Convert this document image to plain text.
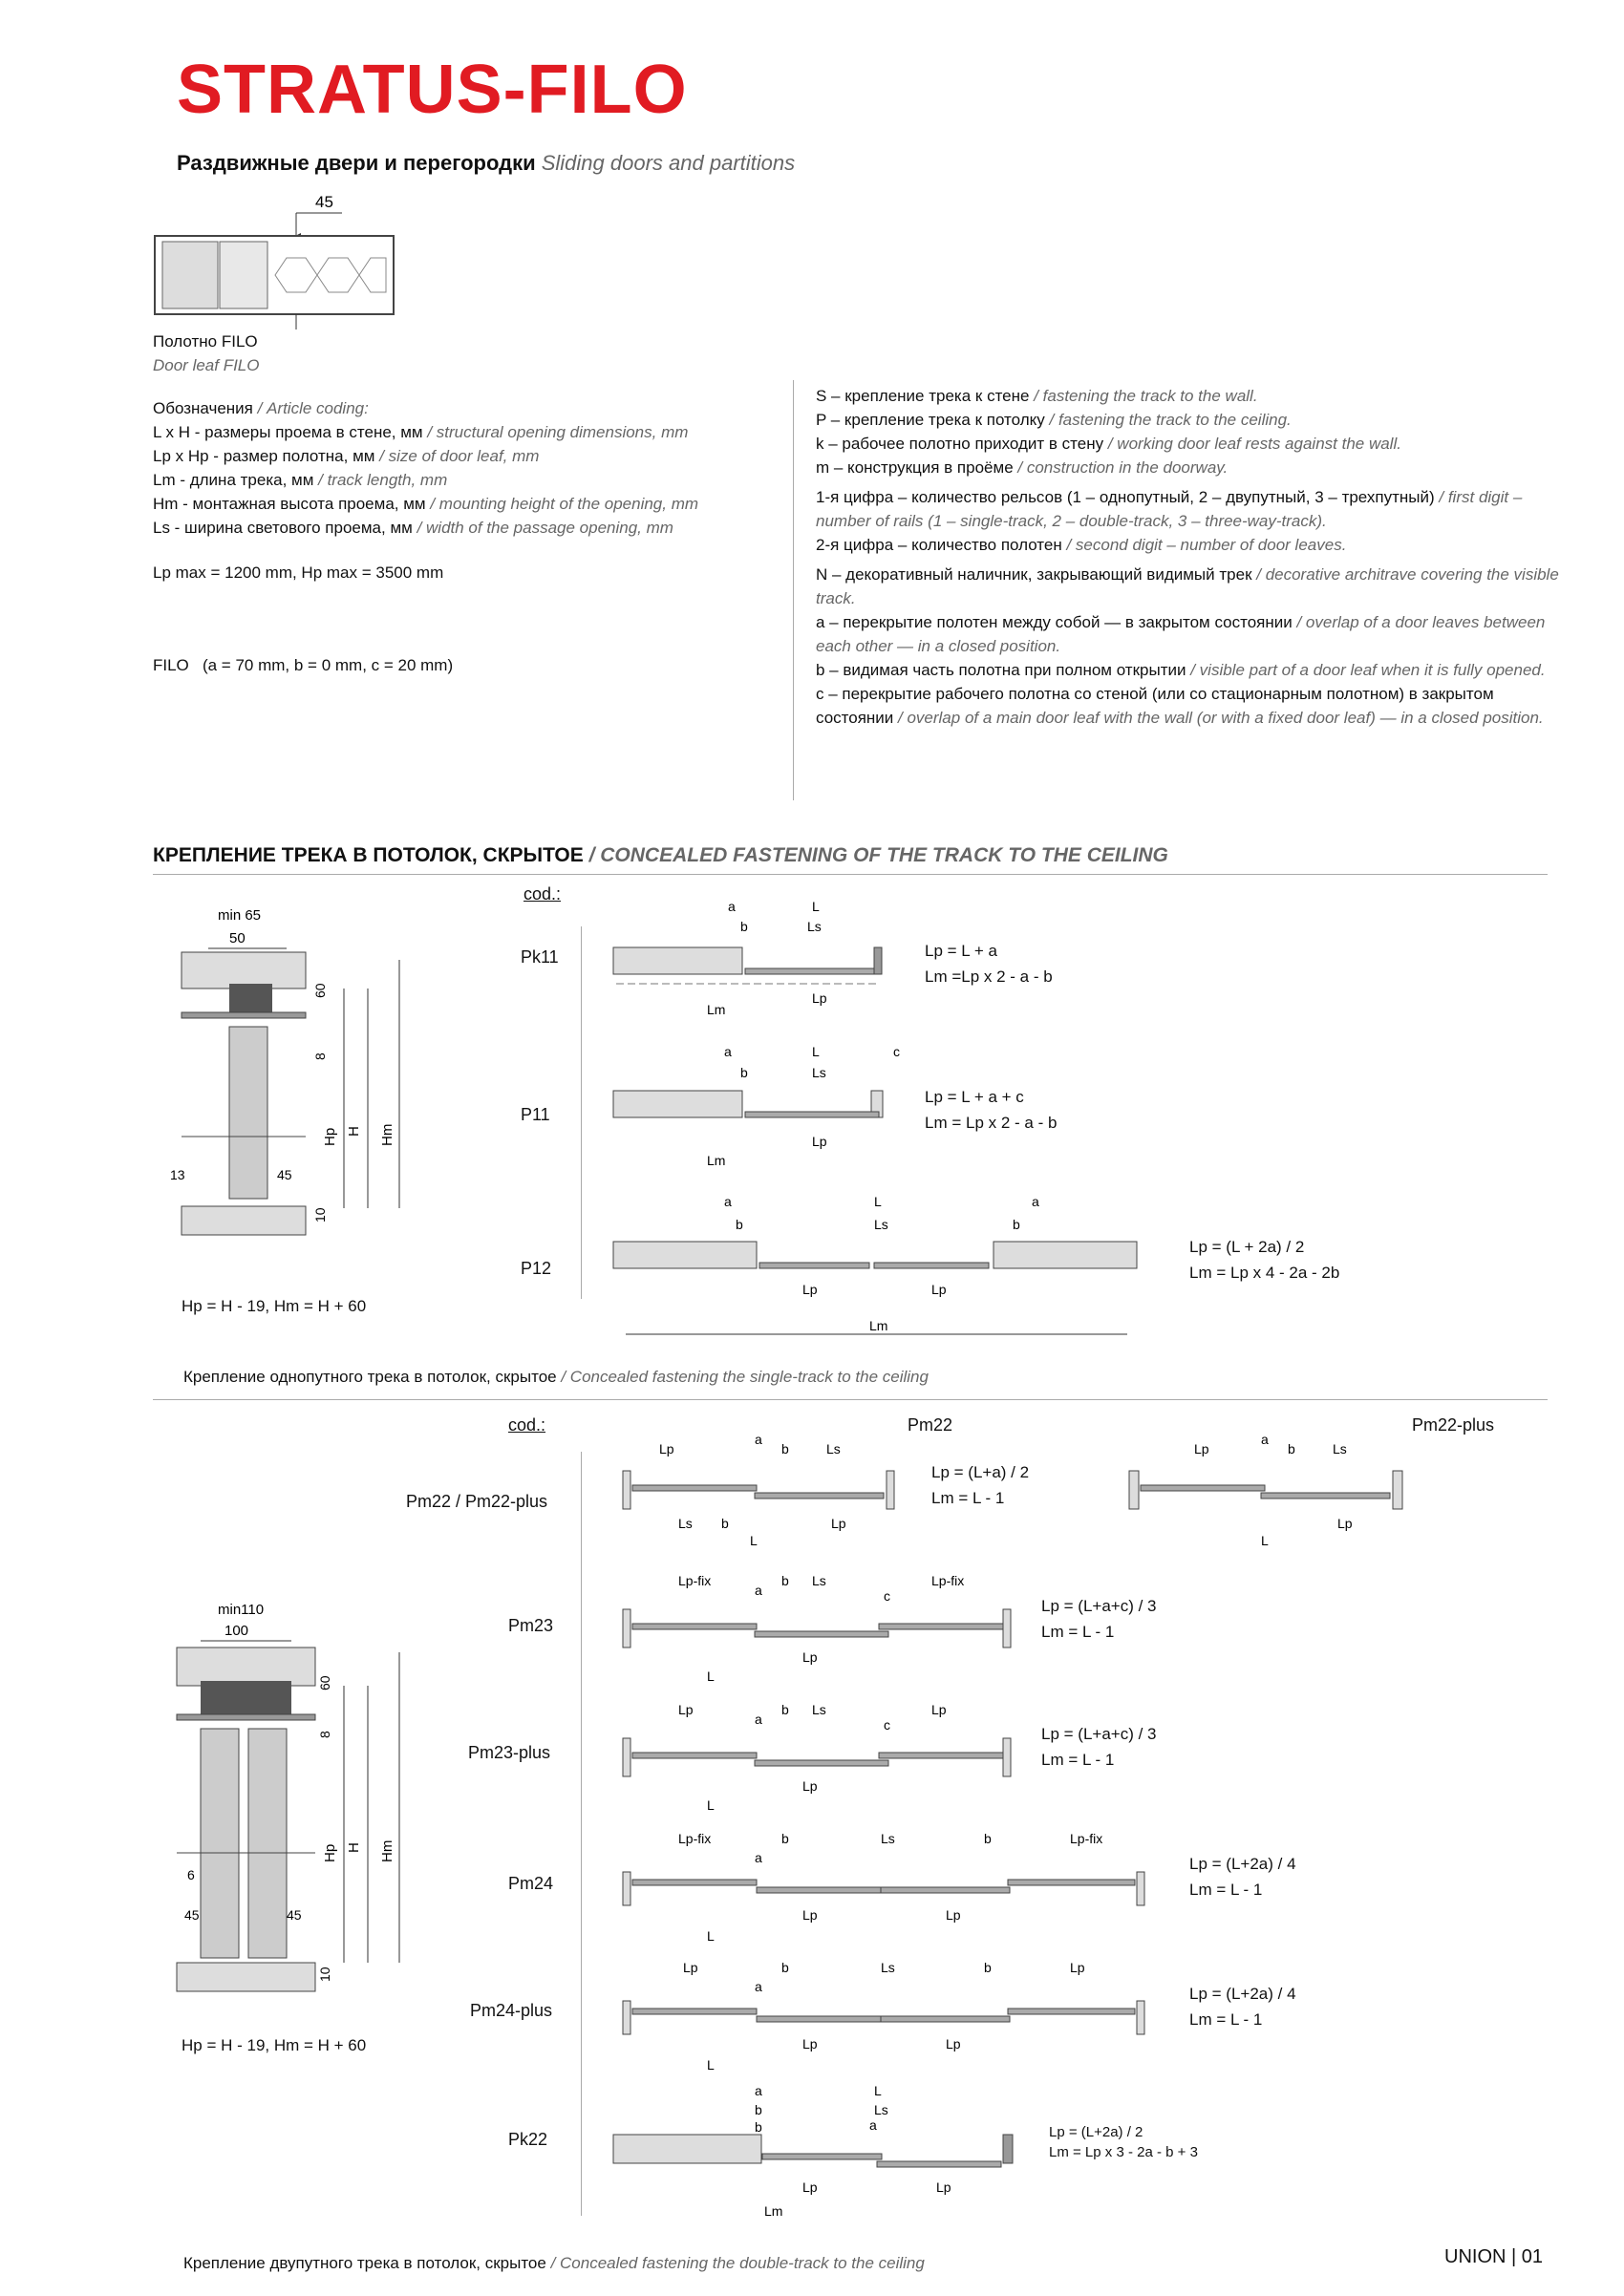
STRATUS-FILO
Раздвижные двери и перегородки Sliding doors and partitions
45
Полотно FILO
Door leaf FILO
Обозначения / Article coding:
L x H - размеры проема в стене, мм / structural opening dimensions, mm
Lp x Hp - размер полотна, мм / size of door leaf, mm
Lm - длина трека, мм / track length, mm
Hm - монтажная высота проема, мм / mounting height of the opening, mm
Ls - ширина светового проема, мм / width of the passage opening, mm
Lp max = 1200 mm, Hp max = 3500 mm
FILO (a = 70 mm, b = 0 mm, c = 20 mm)
S – крепление трека к стене / fastening the track to the wall.
P – крепление трека к потолку / fastening the track to the ceiling.
k – рабочее полотно приходит в стену / working door leaf rests against the wall.
m – конструкция в проёме / construction in the doorway.
1-я цифра – количество рельсов (1 – однопутный, 2 – двупутный, 3 – трехпутный) / first digit – number of rails (1 – single-track, 2 – double-track, 3 – three-way-track).
2-я цифра – количество полотен / second digit – number of door leaves.
N – декоративный наличник, закрывающий видимый трек / decorative architrave covering the visible track.
a – перекрытие полотен между собой — в закрытом состоянии / overlap of a door leaves between each other — in a closed position.
b – видимая часть полотна при полном открытии / visible part of a door leaf when it is fully opened.
c – перекрытие рабочего полотна со стеной (или со стационарным полотном) в закрытом состоянии / overlap of a main door leaf with the wall (or with a fixed door leaf) — in a closed position.
КРЕПЛЕНИЕ ТРЕКА В ПОТОЛОК, СКРЫТОЕ / CONCEALED FASTENING OF THE TRACK TO THE CEILING
min 65
50
13	45
60
8
10
Hp H Hm
Hp = H - 19, Hm = H + 60
cod.:
Pk11
a	L
b	Ls
Lp
Lm
Lp = L + a
Lm =Lp x 2 - a - b
P11
a	L	c
b	Ls
Lp
Lm
Lp = L + a + c
Lm = Lp x 2 - a - b
P12
a	L	a
b	Ls	b
Lp	Lp
Lm
Lp = (L + 2a) / 2
Lm = Lp x 4 - 2a - 2b
Крепление однопутного трека в потолок, скрытое / Concealed fastening the single-track to the ceiling
min110
100
6
45	45
60
8
10
Hp H Hm
Hp = H - 19, Hm = H + 60
cod.:	Pm22	Pm22-plus
Pm22 / Pm22-plus
Lp
a
b	Ls
Ls b	Lp
L
Lp = (L+a) / 2
Lm = L - 1
Lp
a
b	Ls
Lp
L
Pm23
Lp-fix
a
b Ls
c
Lp-fix
Lp
L
Lp = (L+a+c) / 3
Lm = L - 1
Pm23-plus
Lp
a
b Ls
c
Lp
Lp
L
Lp = (L+a+c) / 3
Lm = L - 1
Pm24
Lp-fix	b
a
Ls	b	Lp-fix
Lp	Lp
L
Lp = (L+2a) / 4
Lm = L - 1
Pm24-plus
Lp	b
a
Ls	b	Lp
Lp	Lp
L
Lp = (L+2a) / 4
Lm = L - 1
Pk22
a	L
b	Ls
a
b
Lp	Lp
Lm
Lp = (L+2a) / 2
Lm = Lp x 3 - 2a - b + 3
Крепление двупутного трека в потолок, скрытое / Concealed fastening the double-track to the ceiling	UNION | 01
